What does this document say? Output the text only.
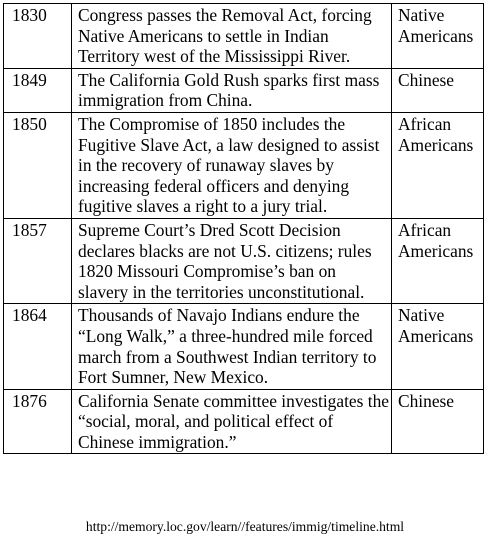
1830	Congress passes the Removal Act, forcing Native Americans to settle in Indian Territory west of the Mississippi River.	Native Americans
1849	The California Gold Rush sparks first mass immigration from China.	Chinese
1850	The Compromise of 1850 includes the Fugitive Slave Act, a law designed to assist in the recovery of runaway slaves by increasing federal officers and denying fugitive slaves a right to a jury trial.	African Americans
1857	Supreme Court’s Dred Scott Decision declares blacks are not U.S. citizens; rules 1820 Missouri Compromise’s ban on slavery in the territories unconstitutional.	African Americans
1864	Thousands of Navajo Indians endure the “Long Walk,” a three-hundred mile forced march from a Southwest Indian territory to Fort Sumner, New Mexico.	Native Americans
1876	California Senate committee investigates the “social, moral, and political effect of Chinese immigration.”	Chinese
http://memory.loc.gov/learn//features/immig/timeline.html
